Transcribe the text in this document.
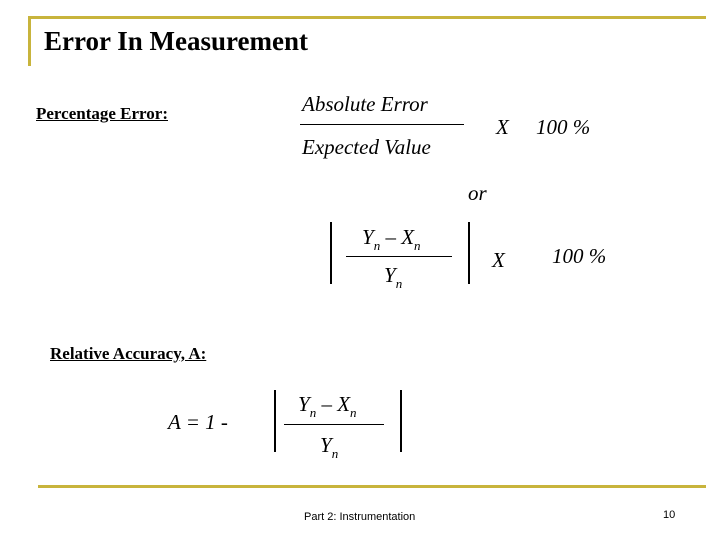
Error In Measurement
Percentage Error:	Absolute Error
Expected Value
X 100 %
or
$Y_n - X_n$
$Y_n$
X 100 %
Relative Accuracy, A:
A = 1 -
$Y_n - X_n$
$Y_n$
Part 2: Instrumentation	10
